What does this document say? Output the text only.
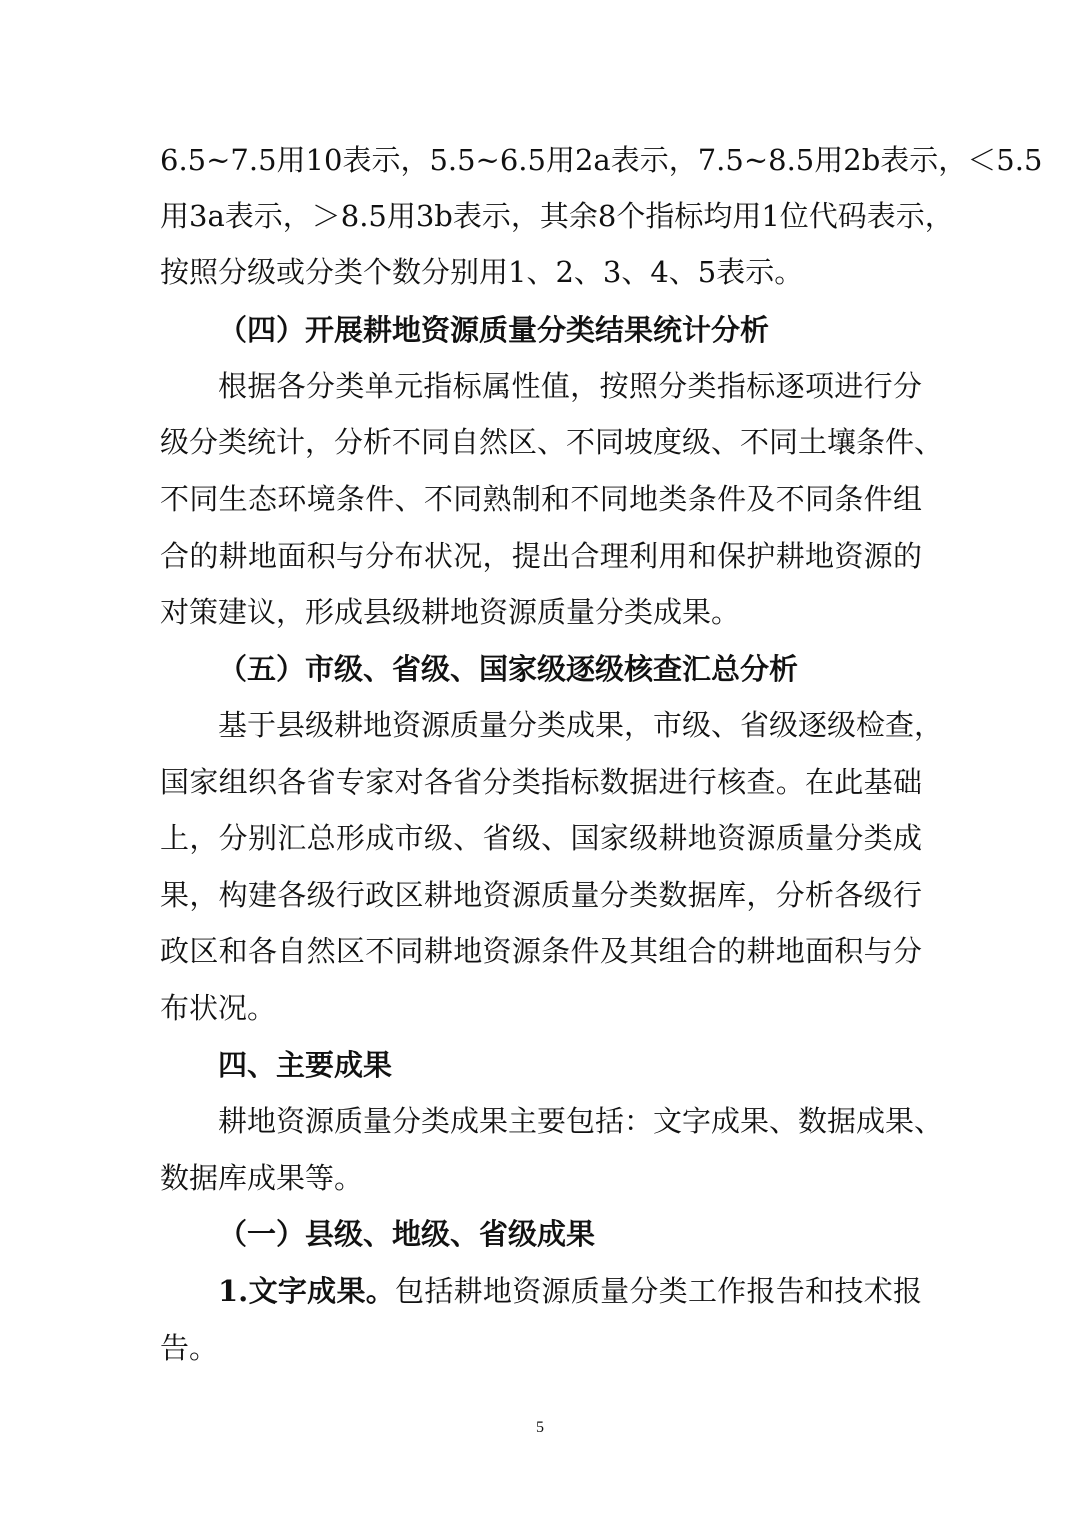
6.5~7.5用10表示，5.5~6.5用2a表示，7.5~8.5用2b表示，＜5.5
用3a表示，＞8.5用3b表示，其余8个指标均用1位代码表示，
按照分级或分类个数分别用1、2、3、4、5表示。
（四）开展耕地资源质量分类结果统计分析
根据各分类单元指标属性值，按照分类指标逐项进行分
级分类统计，分析不同自然区、不同坡度级、不同土壤条件、
不同生态环境条件、不同熟制和不同地类条件及不同条件组
合的耕地面积与分布状况，提出合理利用和保护耕地资源的
对策建议，形成县级耕地资源质量分类成果。
（五）市级、省级、国家级逐级核查汇总分析
基于县级耕地资源质量分类成果，市级、省级逐级检查，
国家组织各省专家对各省分类指标数据进行核查。在此基础
上，分别汇总形成市级、省级、国家级耕地资源质量分类成
果，构建各级行政区耕地资源质量分类数据库，分析各级行
政区和各自然区不同耕地资源条件及其组合的耕地面积与分
布状况。
四、主要成果
耕地资源质量分类成果主要包括：文字成果、数据成果、
数据库成果等。
（一）县级、地级、省级成果
1.文字成果。包括耕地资源质量分类工作报告和技术报
告。
5
